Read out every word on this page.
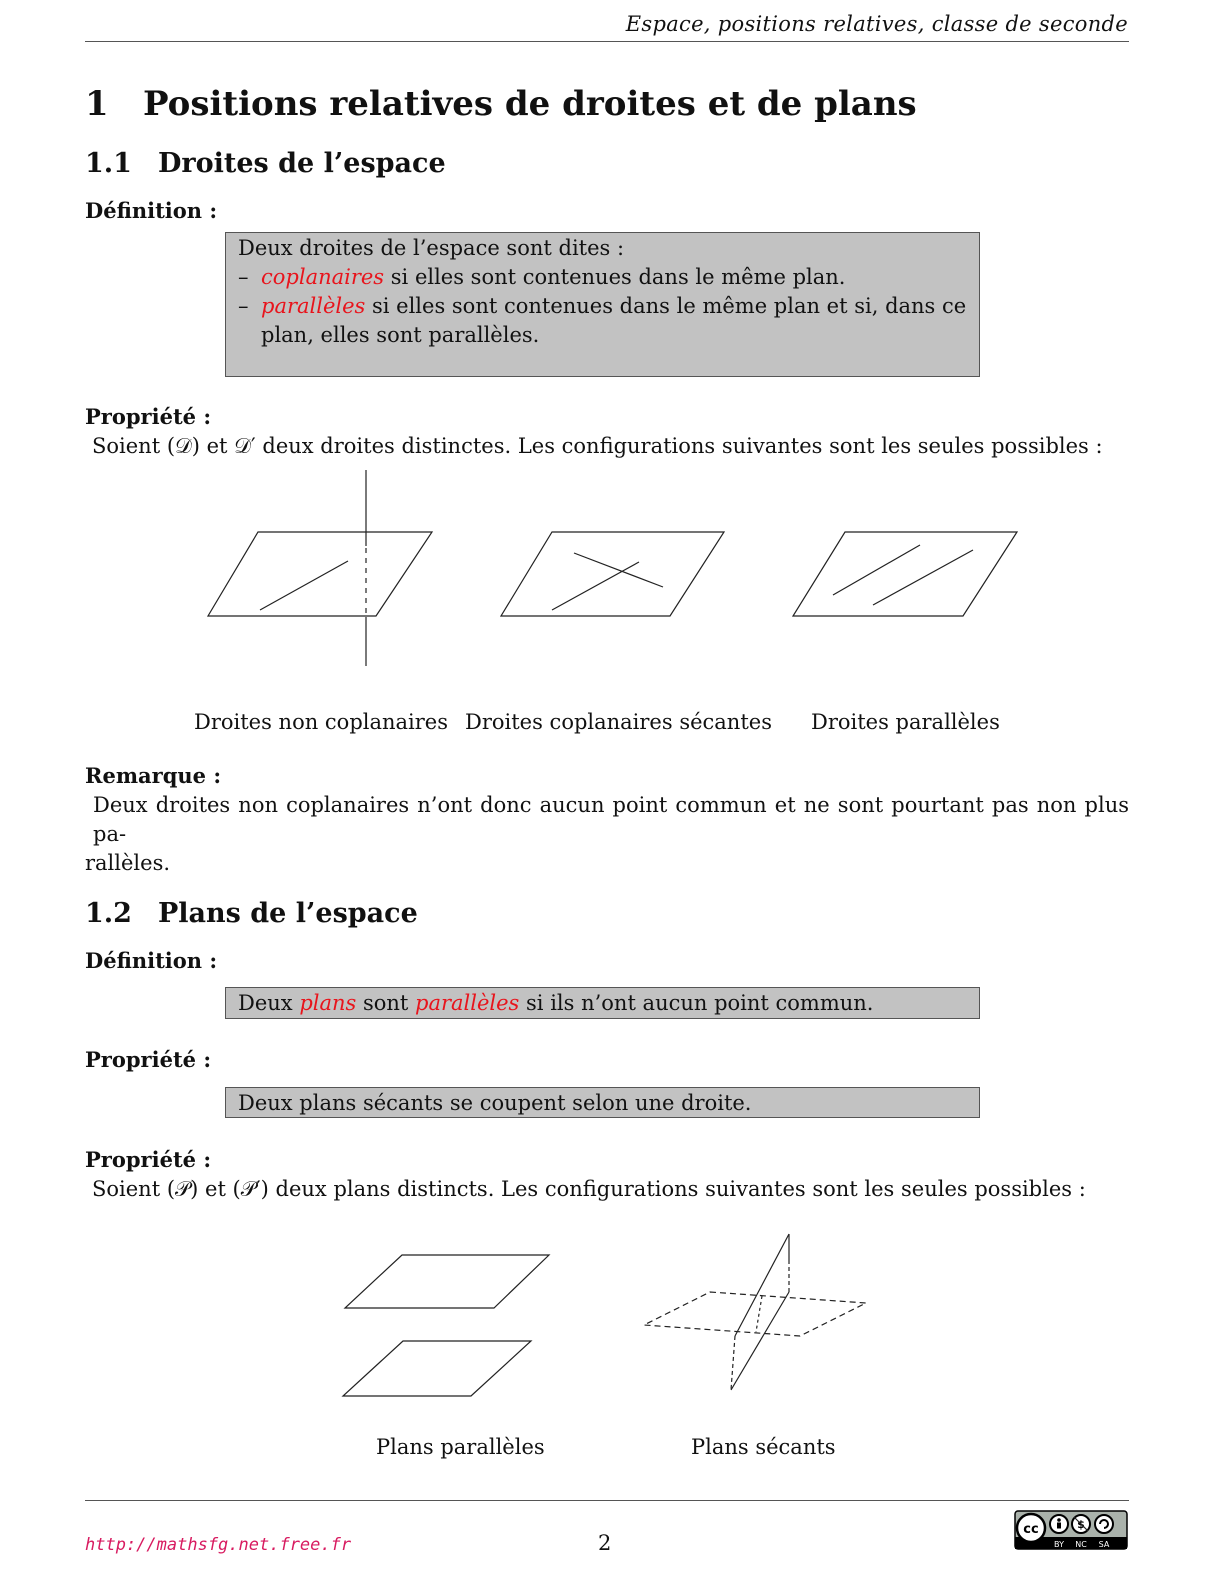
Espace, positions relatives, classe de seconde
1 Positions relatives de droites et de plans
1.1 Droites de l’espace
Définition :
Deux droites de l’espace sont dites :
– coplanaires si elles sont contenues dans le même plan.
– parallèles si elles sont contenues dans le même plan et si, dans ce plan, elles sont parallèles.
Propriété :
Soient (𝒟) et 𝒟′ deux droites distinctes. Les configurations suivantes sont les seules possibles :
Droites non coplanaires Droites coplanaires sécantes Droites parallèles
Remarque :
Deux droites non coplanaires n’ont donc aucun point commun et ne sont pourtant pas non plus pa-
rallèles.
1.2 Plans de l’espace
Définition :
Deux plans sont parallèles si ils n’ont aucun point commun.
Propriété :
Deux plans sécants se coupent selon une droite.
Propriété :
Soient (𝒫) et (𝒫′) deux plans distincts. Les configurations suivantes sont les seules possibles :
Plans parallèles	Plans sécants
http://mathsfg.net.free.fr	2
cc	$
BY NC SA
